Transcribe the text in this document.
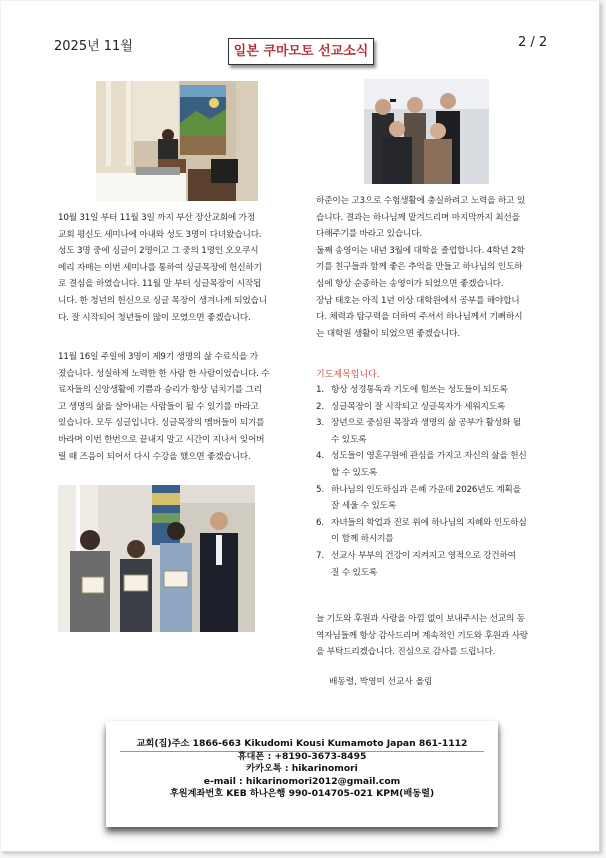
2025년 11월	일본 쿠마모토 선교소식
2 / 2

10월 31일 부터 11월 3일 까지 부산 장산교회에 가정

교회 평신도 세미나에 아내와 성도 3명이 다녀왔습니다.

성도 3명 중에 싱글이 2명이고 그 중의 1명인 오오쿠시

에리 자매는 이번 세미나를 통하여 싱글목장에 헌신하기

로 결심을 하였습니다. 11월 말 부터 싱글목장이 시작됩

니다. 한 청년의 헌신으로 싱글 목장이 생겨나게 되었습니

다. 잘 시작되어 청년들이 많이 모였으면 좋겠습니다.

11월 16일 주일에 3명이 제9기 생명의 삶 수료식을 가

졌습니다. 성실하게 노력한 한 사람 한 사람이었습니다. 수

료자들의 신앙생활에 기쁨과 승리가 항상 넘치기를 그리

고 생명의 삶을 살아내는 사람들이 될 수 있기를 바라고

있습니다. 모두 싱글입니다. 싱글목장의 멤버들이 되기를

바라며 이번 한번으로 끝내지 말고 시간이 지나서 잊어버

릴 때 즈음이 되어서 다시 수강을 했으면 좋겠습니다.

하준이는 고3으로 수험생활에 충실하려고 노력을 하고 있

습니다. 결과는 하나님께 맡겨드리며 마지막까지 최선을

다해주기를 바라고 있습니다.

둘째 송영이는 내년 3월에 대학을 졸업합니다. 4학년 2학

기를 친구들과 함께 좋은 추억을 만들고 하나님의 인도하

심에 항상 순종하는 송영이가 되었으면 좋겠습니다.

장남 태호는 아직 1년 이상 대학원에서 공부를 해야합니

다. 체력과 탐구력을 더하여 주셔서 하나님께서 기뻐하시

는 대학원 생활이 되었으면 좋겠습니다.

기도제목입니다.
1. 항상 성경통독과 기도에 힘쓰는 성도들이 되도록
2. 싱글목장이 잘 시작되고 싱글목자가 세워지도록
3. 장년으로 중심된 목장과 생명의 삶 공부가 활성화 될
수 있도록
4. 성도들이 영혼구원에 관심을 가지고 자신의 삶을 헌신
할 수 있도록
5. 하나님의 인도하심과 은혜 가운데 2026년도 계획을
잘 세울 수 있도록
6. 자녀들의 학업과 진로 위에 하나님의 지혜와 인도하심
이 함께 하시기를
7. 선교사 부부의 건강이 지켜지고 영적으로 강건하여
질 수 있도록

늘 기도와 후원과 사랑을 아낌 없이 보내주시는 선교의 동

역자님들께 항상 감사드리며 계속적인 기도와 후원과 사랑

을 부탁드리겠습니다. 진심으로 감사를 드립니다.

배동렬, 박영미 선교사 올림
교회(집)주소 1866-663 Kikudomi Kousi Kumamoto Japan 861-1112
휴대폰 : +8190-3673-8495
카카오톡 : hikarinomori
e-mail : hikarinomori2012@gmail.com
후원계좌번호 KEB 하나은행 990-014705-021 KPM(배동렬)
